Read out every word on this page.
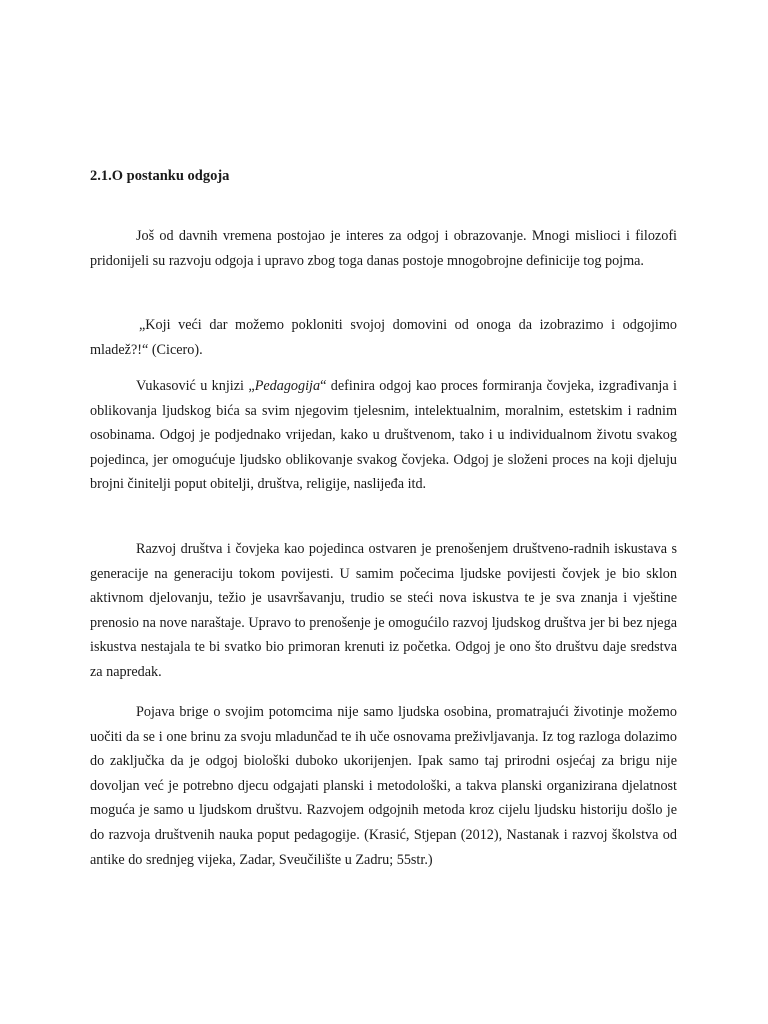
2.1.O postanku odgoja

Još od davnih vremena postojao je interes za odgoj i obrazovanje. Mnogi mislioci i filozofi pridonijeli su razvoju odgoja i upravo zbog toga danas postoje mnogobrojne definicije tog pojma.

„Koji veći dar možemo pokloniti svojoj domovini od onoga da izobrazimo i odgojimo mladež?!“ (Cicero).

Vukasović u knjizi „Pedagogija“ definira odgoj kao proces formiranja čovjeka, izgrađivanja i oblikovanja ljudskog bića sa svim njegovim tjelesnim, intelektualnim, moralnim, estetskim i radnim osobinama. Odgoj je podjednako vrijedan, kako u društvenom, tako i u individualnom životu svakog pojedinca, jer omogućuje ljudsko oblikovanje svakog čovjeka. Odgoj je složeni proces na koji djeluju brojni činitelji poput obitelji, društva, religije, naslijeđa itd.

Razvoj društva i čovjeka kao pojedinca ostvaren je prenošenjem društveno-radnih iskustava s generacije na generaciju tokom povijesti. U samim počecima ljudske povijesti čovjek je bio sklon aktivnom djelovanju, težio je usavršavanju, trudio se steći nova iskustva te je sva znanja i vještine prenosio na nove naraštaje. Upravo to prenošenje je omogućilo razvoj ljudskog društva jer bi bez njega iskustva nestajala te bi svatko bio primoran krenuti iz početka. Odgoj je ono što društvu daje sredstva za napredak.

Pojava brige o svojim potomcima nije samo ljudska osobina, promatrajući životinje možemo uočiti da se i one brinu za svoju mladunčad te ih uče osnovama preživljavanja. Iz tog razloga dolazimo do zaključka da je odgoj biološki duboko ukorijenjen. Ipak samo taj prirodni osjećaj za brigu nije dovoljan već je potrebno djecu odgajati planski i metodološki, a takva planski organizirana djelatnost moguća je samo u ljudskom društvu. Razvojem odgojnih metoda kroz cijelu ljudsku historiju došlo je do razvoja društvenih nauka poput pedagogije. (Krasić, Stjepan (2012), Nastanak i razvoj školstva od antike do srednjeg vijeka, Zadar, Sveučilište u Zadru; 55str.)
